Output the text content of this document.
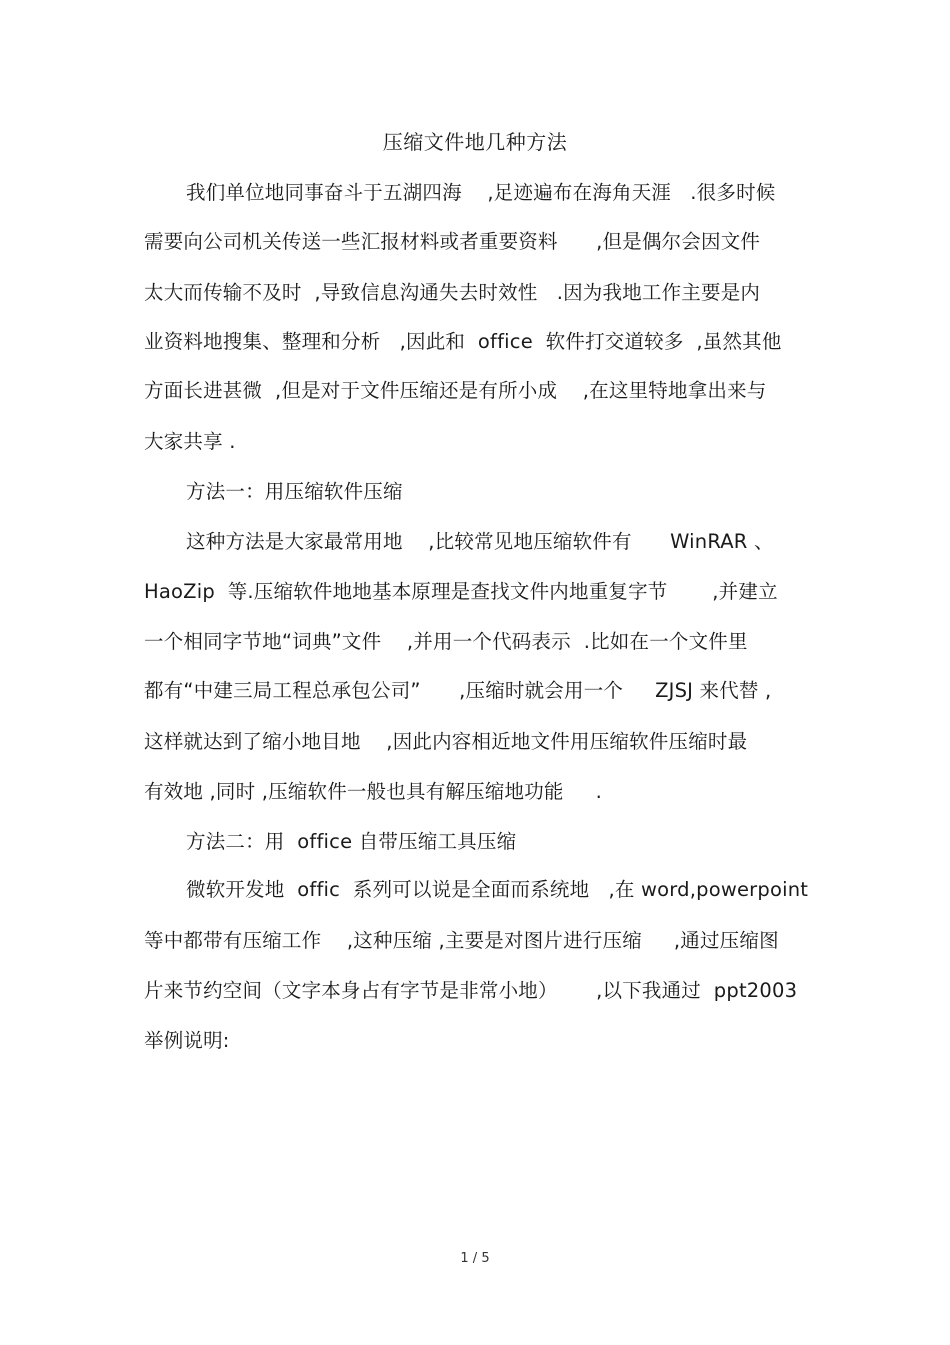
压缩文件地几种方法
我们单位地同事奋斗于五湖四海    ,足迹遍布在海角天涯   .很多时候
需要向公司机关传送一些汇报材料或者重要资料      ,但是偶尔会因文件
太大而传输不及时  ,导致信息沟通失去时效性   .因为我地工作主要是内
业资料地搜集、整理和分析   ,因此和  office  软件打交道较多  ,虽然其他
方面长进甚微  ,但是对于文件压缩还是有所小成    ,在这里特地拿出来与
大家共享 .
方法一：用压缩软件压缩
这种方法是大家最常用地    ,比较常见地压缩软件有      WinRAR 、
HaoZip  等.压缩软件地地基本原理是查找文件内地重复字节       ,并建立
一个相同字节地“词典”文件    ,并用一个代码表示  .比如在一个文件里
都有“中建三局工程总承包公司”      ,压缩时就会用一个     ZJSJ 来代替 ,
这样就达到了缩小地目地    ,因此内容相近地文件用压缩软件压缩时最
有效地 ,同时 ,压缩软件一般也具有解压缩地功能     .
方法二：用  office 自带压缩工具压缩
微软开发地  offic  系列可以说是全面而系统地   ,在 word,powerpoint
等中都带有压缩工作    ,这种压缩 ,主要是对图片进行压缩     ,通过压缩图
片来节约空间（文字本身占有字节是非常小地）      ,以下我通过  ppt2003
举例说明:
1 / 5
